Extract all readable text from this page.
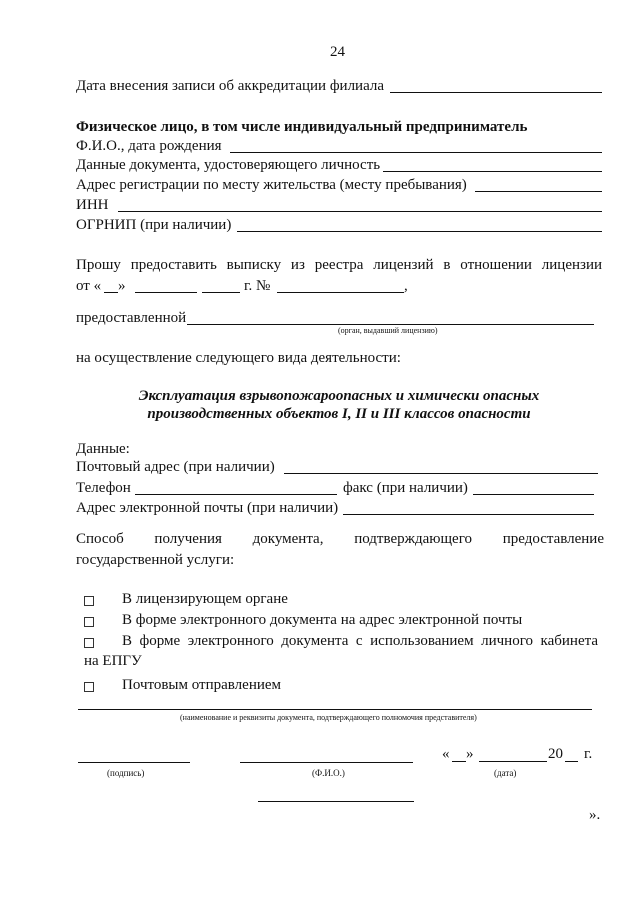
24
Дата внесения записи об аккредитации филиала
Физическое лицо, в том числе индивидуальный предприниматель
Ф.И.О., дата рождения
Данные документа, удостоверяющего личность
Адрес регистрации по месту жительства (месту пребывания)
ИНН
ОГРНИП (при наличии)
Прошу предоставить выписку из реестра лицензий в отношении лицензии
от « »	г. №	,
предоставленной
(орган, выдавший лицензию)
на осуществление следующего вида деятельности:
Эксплуатация взрывопожароопасных и химически опасных
производственных объектов I, II и III классов опасности
Данные:
Почтовый адрес (при наличии)
Телефон	факс (при наличии)
Адрес электронной почты (при наличии)
Способ получения документа, подтверждающего предоставление
государственной услуги:
В лицензирующем органе
В форме электронного документа на адрес электронной почты
В форме электронного документа с использованием личного кабинета
на ЕПГУ
Почтовым отправлением
(наименование и реквизиты документа, подтверждающего полномочия представителя)
« »	20 г.
(подпись)	(Ф.И.О.)	(дата)
».
